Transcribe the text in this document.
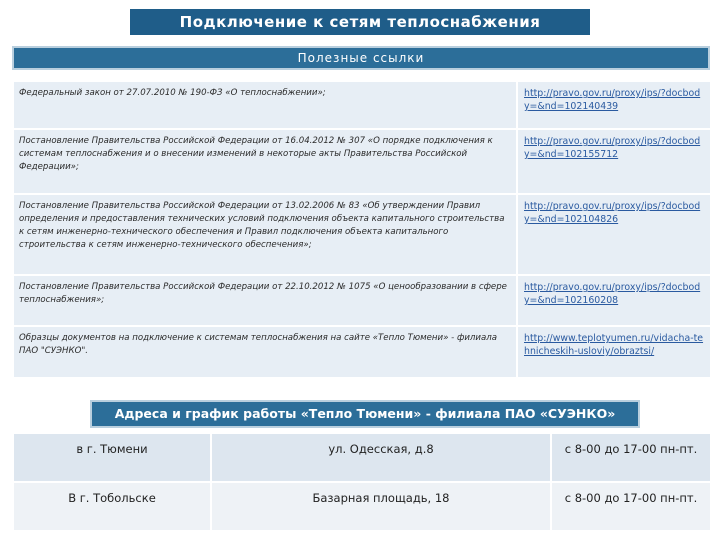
Подключение к сетям теплоснабжения
Полезные ссылки
Федеральный закон от 27.07.2010 № 190-ФЗ «О теплоснабжении»;	http://pravo.gov.ru/proxy/ips/?docbody=&nd=102140439
Постановление Правительства Российской Федерации от 16.04.2012 № 307 «О порядке подключения к системам теплоснабжения и о внесении изменений в некоторые акты Правительства Российской Федерации»;	http://pravo.gov.ru/proxy/ips/?docbody=&nd=102155712
Постановление Правительства Российской Федерации от 13.02.2006 № 83 «Об утверждении Правил определения и предоставления технических условий подключения объекта капитального строительства к сетям инженерно-технического обеспечения и Правил подключения объекта капитального строительства к сетям инженерно-технического обеспечения»;	http://pravo.gov.ru/proxy/ips/?docbody=&nd=102104826
Постановление Правительства Российской Федерации от 22.10.2012 № 1075 «О ценообразовании в сфере теплоснабжения»;	http://pravo.gov.ru/proxy/ips/?docbody=&nd=102160208
Образцы документов на подключение к системам теплоснабжения на сайте «Тепло Тюмени» - филиала ПАО "СУЭНКО".	http://www.teplotyumen.ru/vidacha-tehnicheskih-usloviy/obraztsi/
Адреса и график работы «Тепло Тюмени» - филиала ПАО «СУЭНКО»
в г. Тюмени	ул. Одесская, д.8	с 8-00 до 17-00 пн-пт.
В г. Тобольске	Базарная площадь, 18	с 8-00 до 17-00 пн-пт.
